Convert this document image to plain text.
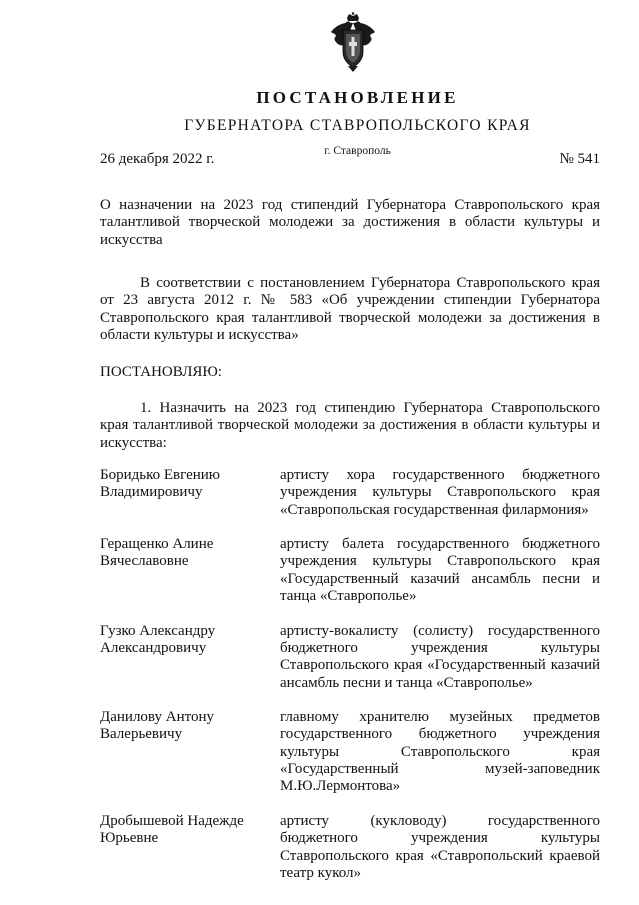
ПОСТАНОВЛЕНИЕ
ГУБЕРНАТОРА СТАВРОПОЛЬСКОГО КРАЯ
г. Ставрополь
26 декабря 2022 г.	№ 541
О назначении на 2023 год стипендий Губернатора Ставропольского края талантливой творческой молодежи за достижения в области культуры и искусства
В соответствии с постановлением Губернатора Ставропольского края от 23 августа 2012 г. № 583 «Об учреждении стипендии Губернатора Ставропольского края талантливой творческой молодежи за достижения в области культуры и искусства»
ПОСТАНОВЛЯЮ:
1. Назначить на 2023 год стипендию Губернатора Ставропольского края талантливой творческой молодежи за достижения в области культуры и искусства:
Боридько Евгению
Владимировичу
артисту хора государственного бюджетного учреждения культуры Ставропольского края «Ставропольская государственная филармония»
Геращенко Алине
Вячеславовне
артисту балета государственного бюджетного учреждения культуры Ставропольского края «Государственный казачий ансамбль песни и танца «Ставрополье»
Гузко Александру
Александровичу
артисту-вокалисту (солисту) государственного бюджетного учреждения культуры Ставропольского края «Государственный казачий ансамбль песни и танца «Ставрополье»
Данилову Антону
Валерьевичу
главному хранителю музейных предметов государственного бюджетного учреждения культуры Ставропольского края «Государственный музей-заповедник М.Ю.Лермонтова»
Дробышевой Надежде
Юрьевне
артисту (кукловоду) государственного бюджетного учреждения культуры Ставропольского края «Ставропольский краевой театр кукол»
